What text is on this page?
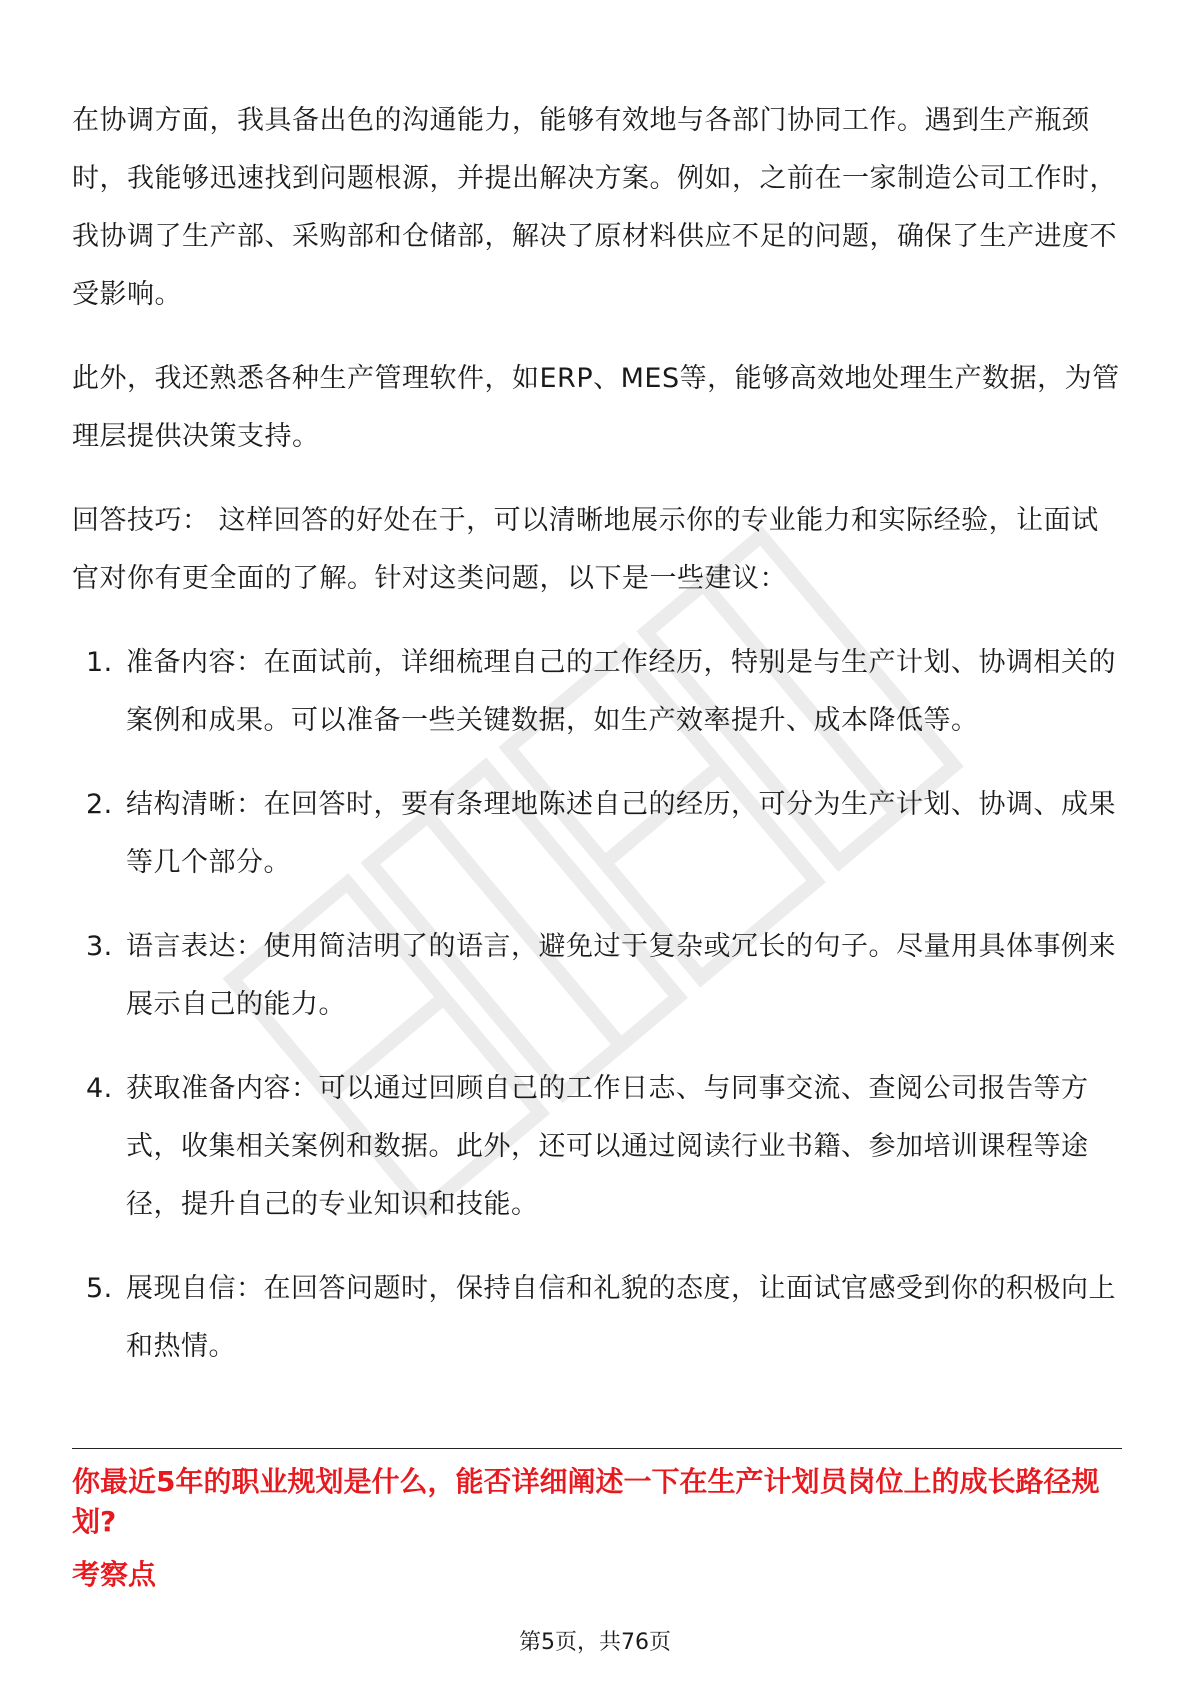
在协调方面，我具备出色的沟通能力，能够有效地与各部门协同工作。遇到生产瓶颈时，我能够迅速找到问题根源，并提出解决方案。例如，之前在一家制造公司工作时，我协调了生产部、采购部和仓储部，解决了原材料供应不足的问题，确保了生产进度不受影响。

此外，我还熟悉各种生产管理软件，如ERP、MES等，能够高效地处理生产数据，为管理层提供决策支持。

回答技巧： 这样回答的好处在于，可以清晰地展示你的专业能力和实际经验，让面试官对你有更全面的了解。针对这类问题，以下是一些建议：

1. 准备内容：在面试前，详细梳理自己的工作经历，特别是与生产计划、协调相关的案例和成果。可以准备一些关键数据，如生产效率提升、成本降低等。
2. 结构清晰：在回答时，要有条理地陈述自己的经历，可分为生产计划、协调、成果等几个部分。
3. 语言表达：使用简洁明了的语言，避免过于复杂或冗长的句子。尽量用具体事例来展示自己的能力。
4. 获取准备内容：可以通过回顾自己的工作日志、与同事交流、查阅公司报告等方式，收集相关案例和数据。此外，还可以通过阅读行业书籍、参加培训课程等途径，提升自己的专业知识和技能。
5. 展现自信：在回答问题时，保持自信和礼貌的态度，让面试官感受到你的积极向上和热情。
你最近5年的职业规划是什么，能否详细阐述一下在生产计划员岗位上的成长路径规划?
考察点
第5页，共76页
